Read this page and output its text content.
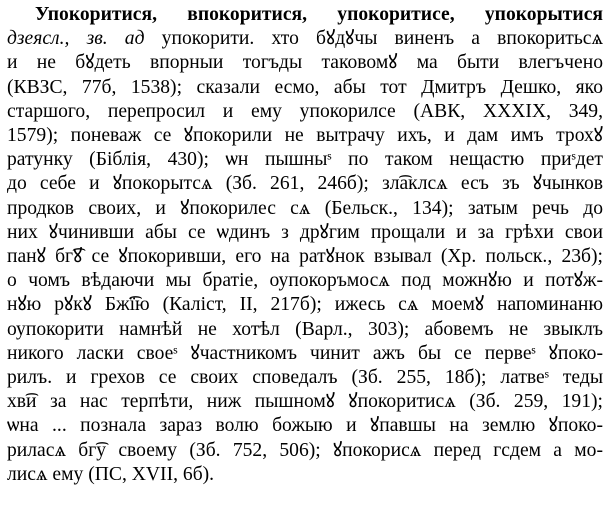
Упокоритися, впокоритися, упокоритисе, упокорытися
дзеясл., зв. ад упокорити. хто бꙋдꙋчы виненъ а впокоритьсѧ
и не бꙋдеть впорныи тогъды таковомꙋ ма быти влегъчено
(КВЗС, 77б, 1538); сказали есмо, абы тот Дмитръ Дешко, яко
старшого, перепросил и ему упокорилсе (АВК, XXXIX, 349,
1579); поневаж се ꙋпокорили не вытрачу ихъ, и дам имъ трохꙋ
ратунку (Біблія, 430); ѡн пышныˢ по таком нещастю приˢдет
до себе и ꙋпокорытсѧ (Зб. 261, 246б); зл͡аклсѧ есъ зъ ꙋчынков
продков своих, и ꙋпокорилес сѧ (Бельск., 134); затым речь до
них ꙋчинивши абы се ѡдинъ з дрꙋгим прощали и за грѣхи свои
панꙋ бг͡ꙋ се ꙋпокоривши, его на ратꙋнок взывал (Хр. польск., 23б);
о чомъ вѣдаючи мы братіе, оупокоръмосѧ под можнꙋю и потꙋж-
нꙋю рꙋкꙋ Бж͡їю (Каліст, II, 217б); ижесь сѧ моемꙋ напоминаню
оупокорити намнѣй не хотѣл (Варл., 303); абовемъ не звыклъ
никого ласки своеˢ ꙋчастникомъ чинит ажъ бы се первеˢ ꙋпоко-
рилъ. и грехов се своих споведалъ (Зб. 255, 18б); латвеˢ теды
хв͡и за нас терпѣти, ниж пышномꙋ ꙋпокоритисѧ (Зб. 259, 191);
ѡна ... познала зараз волю божыю и ꙋпавшы на землю ꙋпоко-
риласѧ бг͡у своему (Зб. 752, 506); ꙋпокорисѧ перед гсдем а мо-
лисѧ ему (ПС, XVII, 6б).
